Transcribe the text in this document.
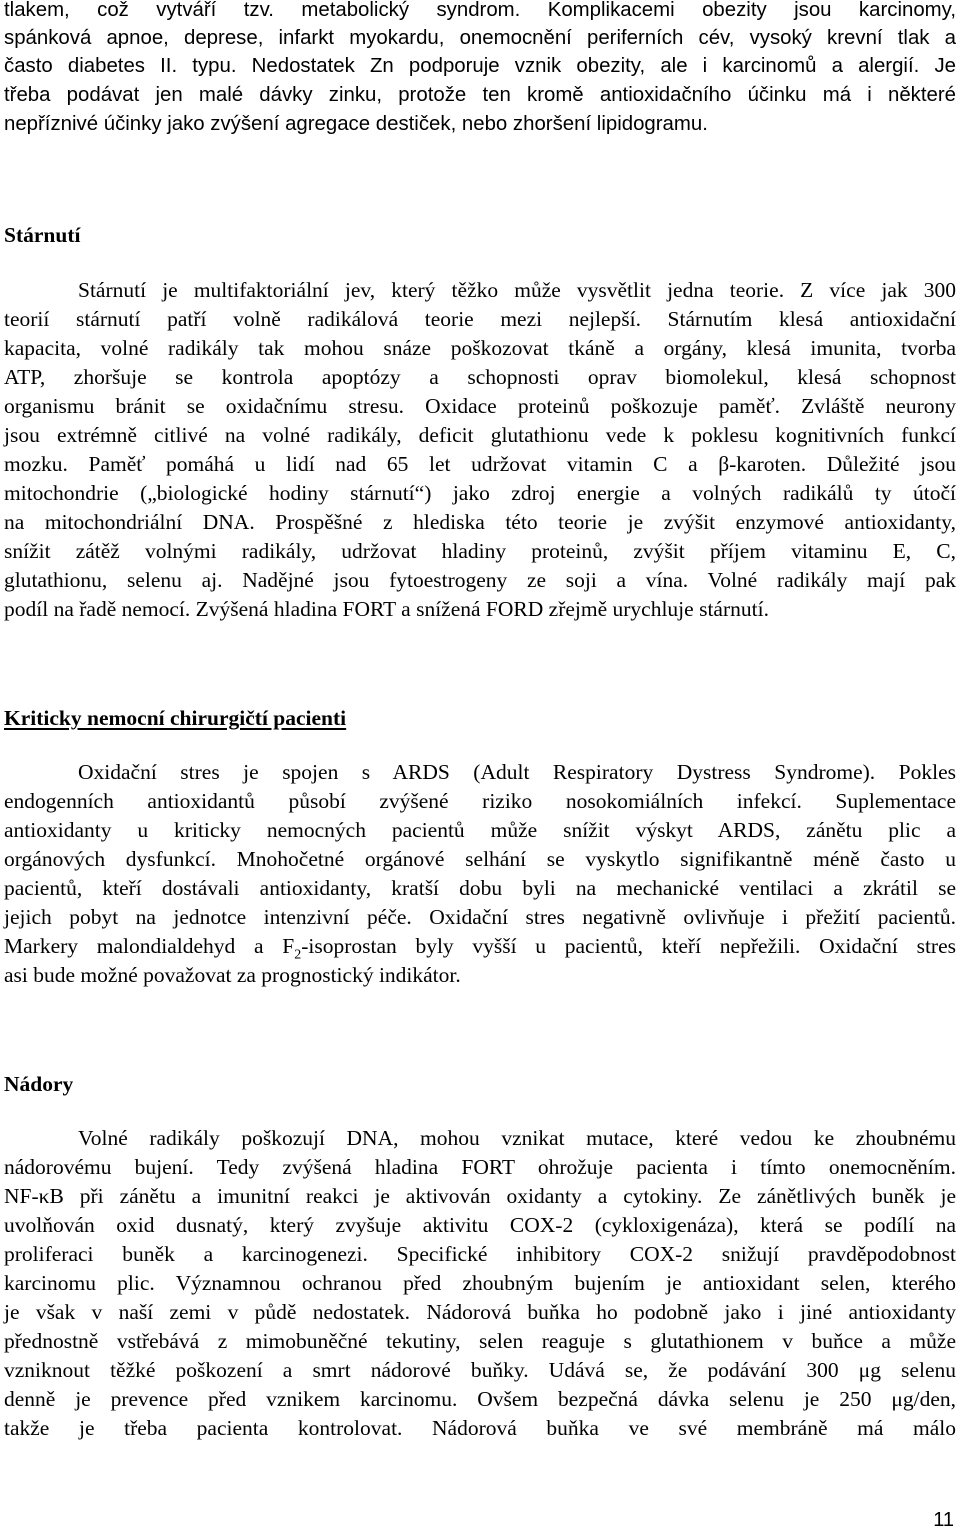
tlakem, což vytváří tzv. metabolický syndrom. Komplikacemi obezity jsou karcinomy,

spánková apnoe, deprese, infarkt myokardu, onemocnění periferních cév, vysoký krevní tlak a

často diabetes II. typu. Nedostatek Zn podporuje vznik obezity, ale i karcinomů a alergií. Je

třeba podávat jen malé dávky zinku, protože ten kromě antioxidačního účinku má i některé

nepříznivé účinky jako zvýšení agregace destiček, nebo zhoršení lipidogramu.

Stárnutí

Stárnutí je multifaktoriální jev, který těžko může vysvětlit jedna teorie. Z více jak 300

teorií stárnutí patří volně radikálová teorie mezi nejlepší. Stárnutím klesá antioxidační

kapacita, volné radikály tak mohou snáze poškozovat tkáně a orgány, klesá imunita, tvorba

ATP, zhoršuje se kontrola apoptózy a schopnosti oprav biomolekul, klesá schopnost

organismu bránit se oxidačnímu stresu. Oxidace proteinů poškozuje paměť. Zvláště neurony

jsou extrémně citlivé na volné radikály, deficit glutathionu vede k poklesu kognitivních funkcí

mozku. Paměť pomáhá u lidí nad 65 let udržovat vitamin C a β-karoten. Důležité jsou

mitochondrie („biologické hodiny stárnutí“) jako zdroj energie a volných radikálů ty útočí

na mitochondriální DNA. Prospěšné z hlediska této teorie je zvýšit enzymové antioxidanty,

snížit zátěž volnými radikály, udržovat hladiny proteinů, zvýšit příjem vitaminu E, C,

glutathionu, selenu aj. Nadějné jsou fytoestrogeny ze soji a vína. Volné radikály mají pak

podíl na řadě nemocí. Zvýšená hladina FORT a snížená FORD zřejmě urychluje stárnutí.

Kriticky nemocní chirurgičtí pacienti

Oxidační stres je spojen s ARDS (Adult Respiratory Dystress Syndrome). Pokles

endogenních antioxidantů působí zvýšené riziko nosokomiálních infekcí. Suplementace

antioxidanty u kriticky nemocných pacientů může snížit výskyt ARDS, zánětu plic a

orgánových dysfunkcí. Mnohočetné orgánové selhání se vyskytlo signifikantně méně často u

pacientů, kteří dostávali antioxidanty, kratší dobu byli na mechanické ventilaci a zkrátil se

jejich pobyt na jednotce intenzivní péče. Oxidační stres negativně ovlivňuje i přežití pacientů.

Markery malondialdehyd a $F_2$-isoprostan byly vyšší u pacientů, kteří nepřežili. Oxidační stres

asi bude možné považovat za prognostický indikátor.

Nádory

Volné radikály poškozují DNA, mohou vznikat mutace, které vedou ke zhoubnému

nádorovému bujení. Tedy zvýšená hladina FORT ohrožuje pacienta i tímto onemocněním.

NF-κB při zánětu a imunitní reakci je aktivován oxidanty a cytokiny. Ze zánětlivých buněk je

uvolňován oxid dusnatý, který zvyšuje aktivitu COX-2 (cykloxigenáza), která se podílí na

proliferaci buněk a karcinogenezi. Specifické inhibitory COX-2 snižují pravděpodobnost

karcinomu plic. Významnou ochranou před zhoubným bujením je antioxidant selen, kterého

je však v naší zemi v půdě nedostatek. Nádorová buňka ho podobně jako i jiné antioxidanty

přednostně vstřebává z mimobuněčné tekutiny, selen reaguje s glutathionem v buňce a může

vzniknout těžké poškození a smrt nádorové buňky. Udává se, že podávání 300 μg selenu

denně je prevence před vznikem karcinomu. Ovšem bezpečná dávka selenu je 250 μg/den,

takže je třeba pacienta kontrolovat. Nádorová buňka ve své membráně má málo

11
